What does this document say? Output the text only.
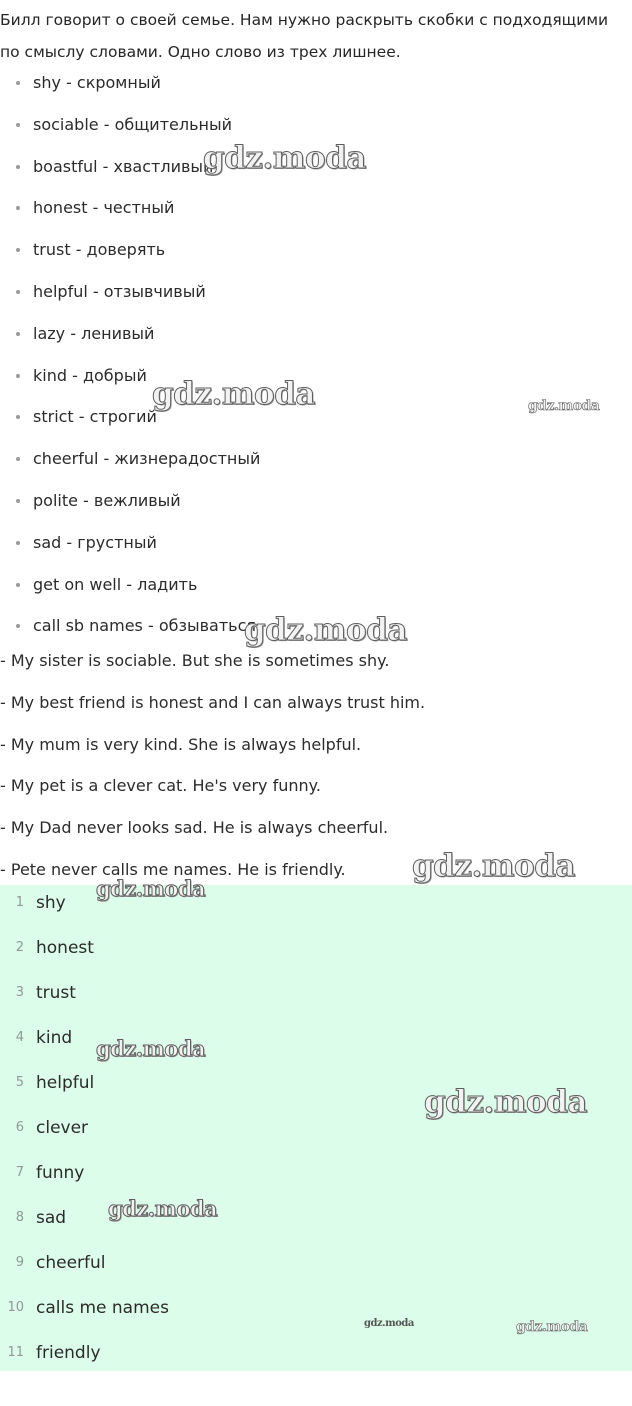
Билл говорит о своей семье. Нам нужно раскрыть скобки с подходящими по смыслу словами. Одно слово из трех лишнее.
shy - скромный
sociable - общительный
boastful - хвастливый
honest - честный
trust - доверять
helpful - отзывчивый
lazy - ленивый
kind - добрый
strict - строгий
cheerful - жизнерадостный
polite - вежливый
sad - грустный
get on well - ладить
call sb names - обзываться
- My sister is sociable. But she is sometimes shy.
- My best friend is honest and I can always trust him.
- My mum is very kind. She is always helpful.
- My pet is a clever cat. He's very funny.
- My Dad never looks sad. He is always cheerful.
- Pete never calls me names. He is friendly.
1 shy
2 honest
3 trust
4 kind
5 helpful
6 clever
7 funny
8 sad
9 cheerful
10 calls me names
11 friendly
gdz.moda
gdz.moda	gdz.moda
gdz.moda
gdz.moda
gdz.moda
gdz.moda
gdz.moda
gdz.moda
gdz.moda	gdz.moda
